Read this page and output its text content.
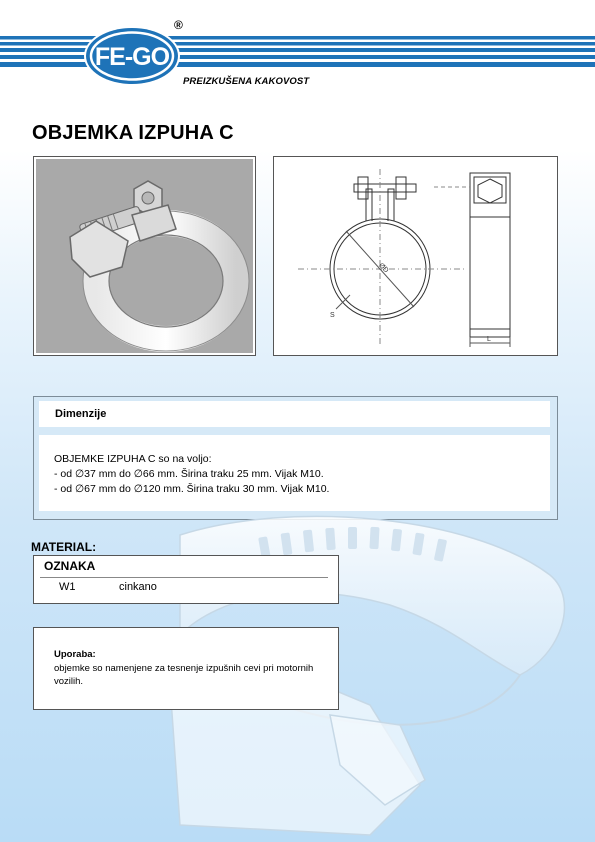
FE-GO
®
PREIZKUŠENA KAKOVOST
OBJEMKA IZPUHA C
ØD
S
L
Dimenzije
OBJEMKE IZPUHA C so na voljo:
- od ∅37 mm do ∅66 mm. Širina traku 25 mm. Vijak M10.
- od ∅67 mm do ∅120 mm. Širina traku 30 mm. Vijak M10.
MATERIAL:
OZNAKA
W1	cinkano
Uporaba:
objemke so namenjene za tesnenje izpušnih cevi pri motornih vozilih.
